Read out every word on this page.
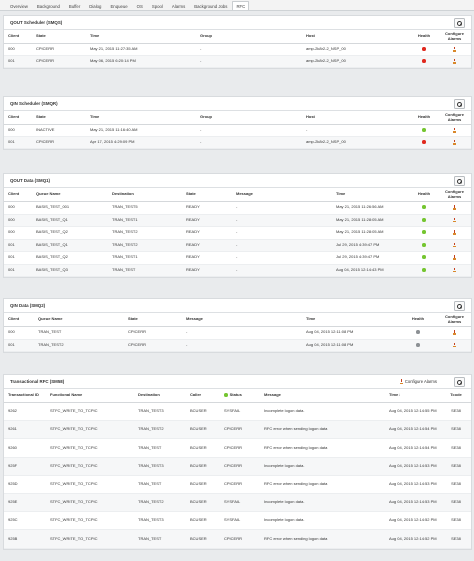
Overview	Background	Buffer	Dialog	Enqueue	OS	Spool	Alarms	Background Jobs	RFC
QOUT Scheduler (SMQS)
Client	State	Time	Group	Host	Health	Configure Alarms
000	CPICERR	May 21, 2015 11:27:35 AM	-	amp-2k8r2-2_NSP_00		
001	CPICERR	May 06, 2015 6:20:14 PM	-	amp-2k8r2-2_NSP_00		
QIN Scheduler (SMQR)
Client	State	Time	Group	Host	Health	Configure Alarms
000	INACTIVE	May 21, 2015 11:16:40 AM	-	-		
001	CPICERR	Apr 17, 2015 4:29:09 PM	-	amp-2k8r2-2_NSP_00		
QOUT Data (SMQ1)
Client	Queue Name	Destination	State	Message	Time	Health	Configure Alarms
000	BASIS_TEST_001	TRAN_TEST5	READY	-	May 21, 2015 11:26:56 AM		
000	BASIS_TEST_Q1	TRAN_TEST1	READY	-	May 21, 2015 11:28:05 AM		
000	BASIS_TEST_Q2	TRAN_TEST2	READY	-	May 21, 2015 11:28:05 AM		
001	BASIS_TEST_Q1	TRAN_TEST2	READY	-	Jul 29, 2015 4:39:47 PM		
001	BASIS_TEST_Q2	TRAN_TEST1	READY	-	Jul 29, 2015 4:39:47 PM		
001	BASIS_TEST_Q3	TRAN_TEST	READY	-	Aug 04, 2015 12:14:43 PM		
QIN Data (SMQ2)
Client	Queue Name	State	Message	Time	Health	Configure Alarms
000	TRAN_TEST	CPICERR	-	Aug 04, 2015 12:11:08 PM		
001	TRAN_TEST2	CPICERR	-	Aug 04, 2015 12:11:08 PM		
Transactional RFC (SM58)	Configure Alarms
Transactional ID	Functional Name	Destination	Caller	Status	Message	Time↓	Tcode
9262	STFC_WRITE_TO_TCPIC	TRAN_TEST3	BCUSER	SYSFAIL	Incomplete logon data.	Aug 04, 2015 12:14:55 PM	SE38
9261	STFC_WRITE_TO_TCPIC	TRAN_TEST2	BCUSER	CPICERR	RFC error when sending logon data	Aug 04, 2015 12:14:54 PM	SE38
9260	STFC_WRITE_TO_TCPIC	TRAN_TEST	BCUSER	CPICERR	RFC error when sending logon data	Aug 04, 2015 12:14:54 PM	SE38
925F	STFC_WRITE_TO_TCPIC	TRAN_TEST3	BCUSER	CPICERR	Incomplete logon data.	Aug 04, 2015 12:14:53 PM	SE38
925D	STFC_WRITE_TO_TCPIC	TRAN_TEST	BCUSER	CPICERR	RFC error when sending logon data	Aug 04, 2015 12:14:53 PM	SE38
925E	STFC_WRITE_TO_TCPIC	TRAN_TEST2	BCUSER	SYSFAIL	Incomplete logon data.	Aug 04, 2015 12:14:53 PM	SE38
925C	STFC_WRITE_TO_TCPIC	TRAN_TEST3	BCUSER	SYSFAIL	Incomplete logon data.	Aug 04, 2015 12:14:52 PM	SE38
925B	STFC_WRITE_TO_TCPIC	TRAN_TEST	BCUSER	CPICERR	RFC error when sending logon data	Aug 04, 2015 12:14:52 PM	SE38
